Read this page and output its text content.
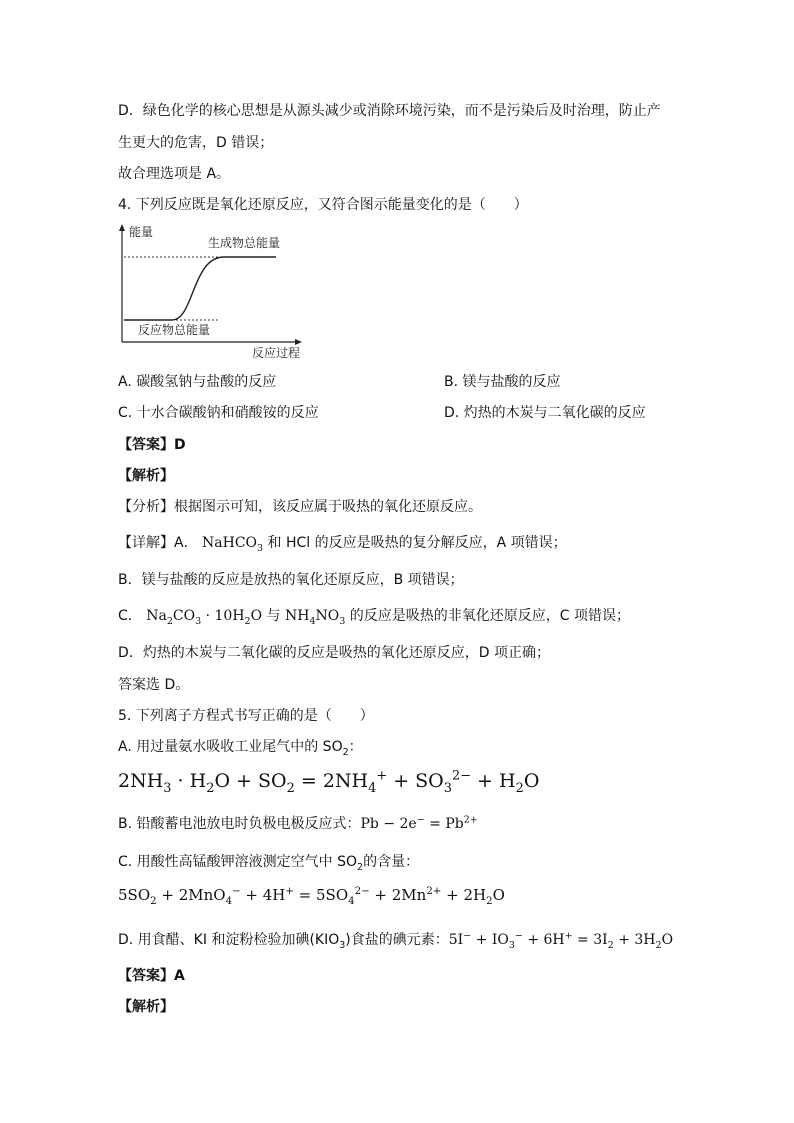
D．绿色化学的核心思想是从源头减少或消除环境污染，而不是污染后及时治理，防止产
生更大的危害，D 错误；
故合理选项是 A。
4. 下列反应既是氧化还原反应，又符合图示能量变化的是（　　）
能量
生成物总能量
反应物总能量
反应过程
A. 碳酸氢钠与盐酸的反应	B. 镁与盐酸的反应
C. 十水合碳酸钠和硝酸铵的反应	D. 灼热的木炭与二氧化碳的反应
【答案】D
【解析】
【分析】根据图示可知，该反应属于吸热的氧化还原反应。
【详解】A． NaHCO$_3$ 和 HCl 的反应是吸热的复分解反应，A 项错误；
B．镁与盐酸的反应是放热的氧化还原反应，B 项错误；
C． $Na_2CO_3 \cdot 10H_2O$ 与 $NH_4NO_3$ 的反应是吸热的非氧化还原反应，C 项错误；
D．灼热的木炭与二氧化碳的反应是吸热的氧化还原反应，D 项正确；
答案选 D。
5. 下列离子方程式书写正确的是（　　）
A. 用过量氨水吸收工业尾气中的 $SO_2$：
$2NH_3 \cdot H_2O + SO_2 = 2NH_4^+ + SO_3^{2-} + H_2O$
B. 铅酸蓄电池放电时负极电极反应式：$Pb - 2e^- = Pb^{2+}$
C. 用酸性高锰酸钾溶液测定空气中 $SO_2$的含量：
$5SO_2 + 2MnO_4^- + 4H^+ = 5SO_4^{2-} + 2Mn^{2+} + 2H_2O$
D. 用食醋、KI 和淀粉检验加碘$(KIO_3)$食盐的碘元素：$5I^- + IO_3^- + 6H^+ = 3I_2 + 3H_2O$
【答案】A
【解析】
